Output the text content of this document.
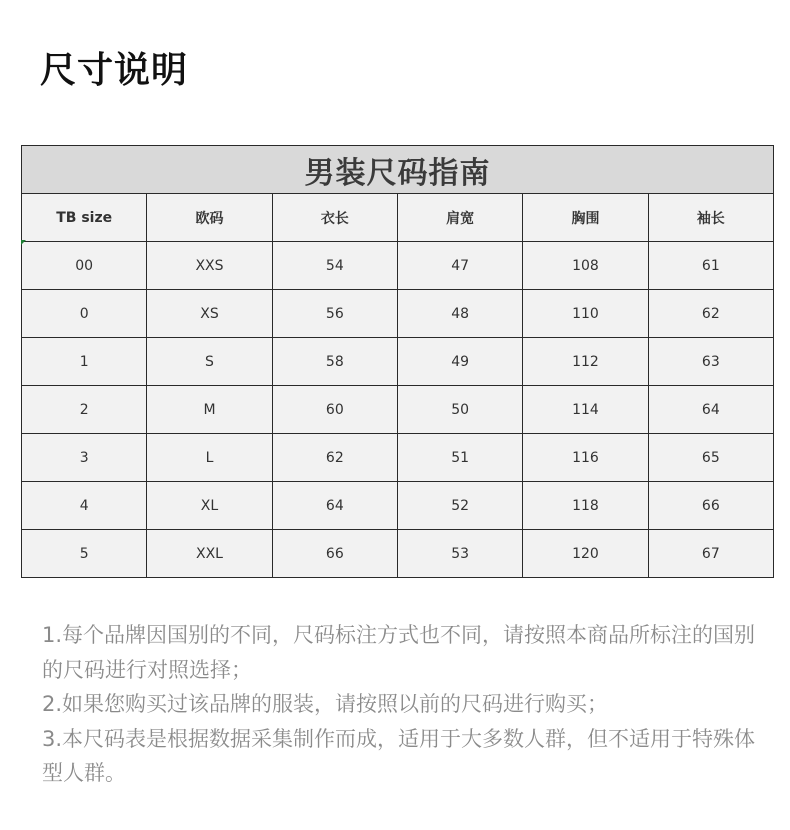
尺寸说明
男装尺码指南					
TB size	欧码	衣长	肩宽	胸围	袖长
00	XXS	54	47	108	61
0	XS	56	48	110	62
1	S	58	49	112	63
2	M	60	50	114	64
3	L	62	51	116	65
4	XL	64	52	118	66
5	XXL	66	53	120	67

1.每个品牌因国别的不同，尺码标注方式也不同，请按照本商品所标注的国别的尺码进行对照选择；

2.如果您购买过该品牌的服装，请按照以前的尺码进行购买；

3.本尺码表是根据数据采集制作而成，适用于大多数人群，但不适用于特殊体型人群。
